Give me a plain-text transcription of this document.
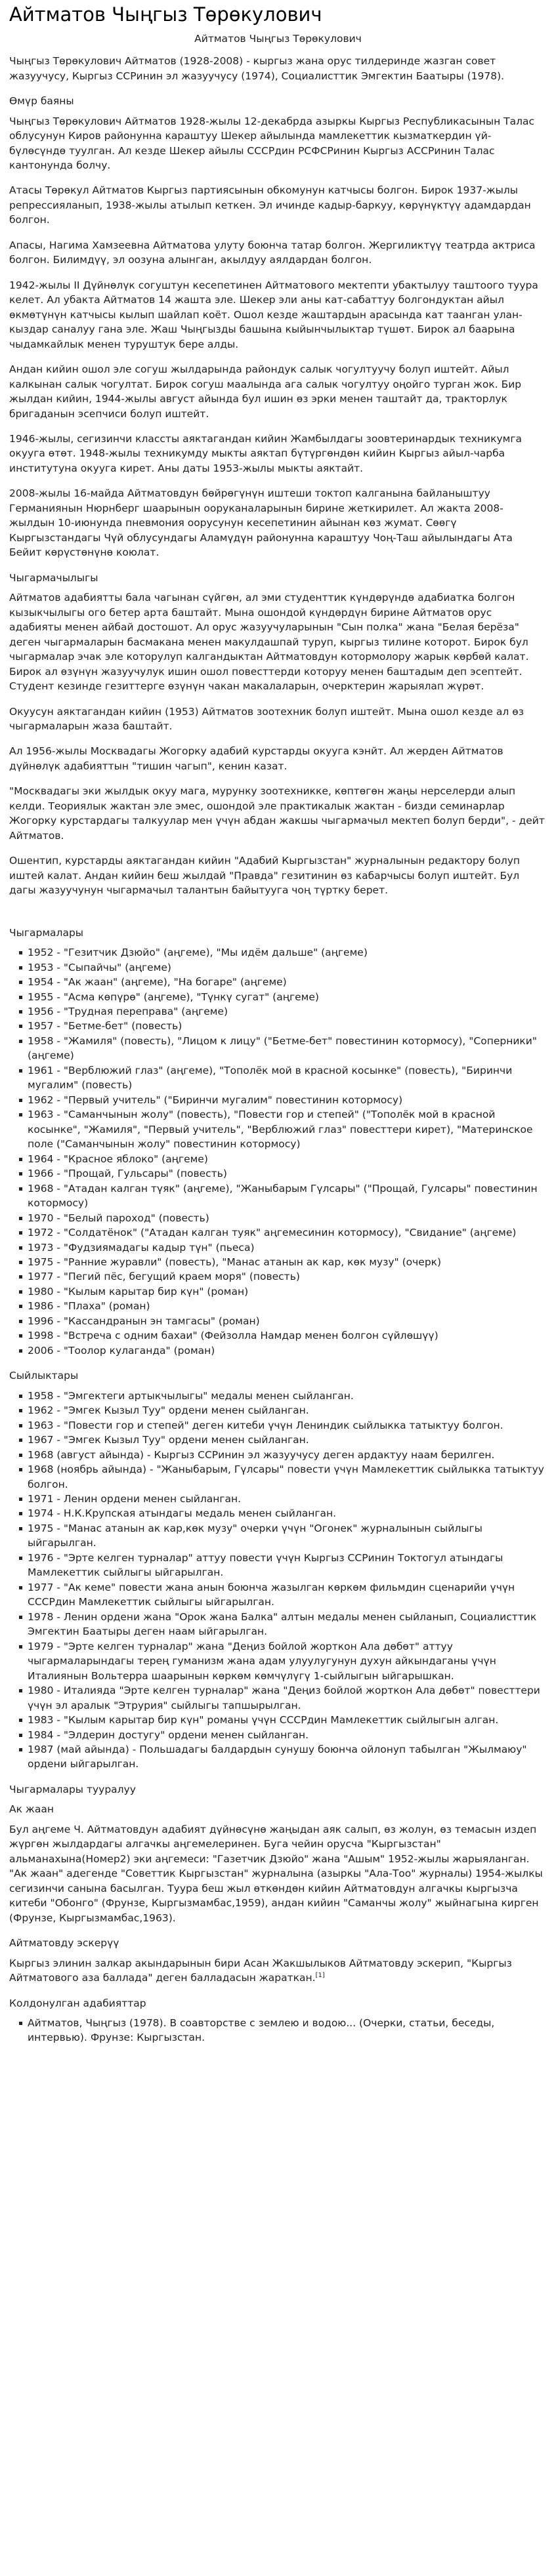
Айтматов Чыңгыз Төрөкулович
Айтматов Чыңгыз Төрөкулович

Чыңгыз Төрөкулович Айтматов (1928-2008) - кыргыз жана орус тилдеринде жазган совет жазуучусу, Кыргыз ССРинин эл жазуучусу (1974), Социалисттик Эмгектин Баатыры (1978).

Өмүр баяны

Чыңгыз Төрөкулович Айтматов 1928-жылы 12-декабрда азыркы Кыргыз Республикасынын Талас облусунун Киров районунна караштуу Шекер айылында мамлекеттик кызматкердин үй-бүлөсүндө туулган. Ал кезде Шекер айылы СССРдин РСФСРинин Кыргыз АССРинин Талас кантонунда болчу.

Атасы Төрөкул Айтматов Кыргыз партиясынын обкомунун катчысы болгон. Бирок 1937-жылы репрессияланып, 1938-жылы атылып кеткен. Эл ичинде кадыр-баркуу, көрүнүктүү адамдардан болгон.

Апасы, Нагима Хамзеевна Айтматова улуту боюнча татар болгон. Жергиликтүү театрда актриса болгон. Билимдүү, эл оозуна алынган, акылдуу аялдардан болгон.

1942-жылы II Дүйнөлүк согуштун кесепетинен Айтматового мектепти убактылуу таштоого туура келет. Ал убакта Айтматов 14 жашта эле. Шекер эли аны кат-сабаттуу болгондуктан айыл өкмөтүнүн катчысы кылып шайлап коёт. Ошол кезде жаштардын арасында кат таанган улан-кыздар саналуу гана эле. Жаш Чыңгызды башына кыйынчылыктар түшөт. Бирок ал баарына чыдамкайлык менен туруштук берe алды.

Андан кийин ошол эле согуш жылдарында райондук салык чогултуучу болуп иштейт. Айыл калкынан салык чогултат. Бирок согуш маалында ага салык чогултуу оңойго турган жок. Бир жылдан кийин, 1944-жылы август айында бул ишин өз эрки менен таштайт да, тракторлук бригаданын эсепчиси болуп иштейт.

1946-жылы, сегизинчи классты аяктагандан кийин Жамбылдагы зоовтеринардык техникумга окууга өтөт. 1948-жылы техникумду мыкты аяктап бүтүргөндөн кийин Кыргыз айыл-чарба институтуна окууга кирет. Аны даты 1953-жылы мыкты аяктайт.

2008-жылы 16-майда Айтматовдун бөйрөгүнүн иштеши токтоп калганына байланыштуу Германиянын Нюрнберг шаарынын ооруканаларынын бирине жеткирилет. Ал жакта 2008-жылдын 10-июнунда пневмония оорусунун кесепетинин айынан көз жумат. Сөөгү Кыргызстандагы Чүй облусундагы Аламүдүн районунна караштуу Чоң-Таш айылындагы Ата Бейит көрүстөнүнө коюлат.

Чыгармачылыгы

Айтматов адабиятты бала чагынан сүйгөн, ал эми студенттик күндөрүндө адабиатка болгон кызыкчылыгы ого бетер арта баштайт. Мына ошондой күндөрдүн бирине Айтматов орус адабияты менен айбай достошот. Ал орус жазуучуларынын "Сын полка" жана "Белая берёза" деген чыгармаларын басмакана менен макулдашпай туруп, кыргыз тилине которот. Бирок бул чыгармалар эчак эле которулуп калгандыктан Айтматовдун котормолору жарык көрбөй калат. Бирок ал өзүнүн жазуучулук ишин ошол повесттерди которуу менен баштадым деп эсептейт. Студент кезинде гезиттерге өзүнүн чакан макалаларын, очерктерин жарыялап жүрөт.

Окуусун аяктагандан кийин (1953) Айтматов зоотехник болуп иштейт. Мына ошол кезде ал өз чыгармаларын жаза баштайт.

Ал 1956-жылы Москвадагы Жогорку адабий курстарды окууга кэнйт. Ал жерден Айтматов дүйнөлүк адабияттын "тишин чагып", кенин казат.

"Москвадагы эки жылдык окуу мага, мурунку зоотехникке, көптөгөн жаңы нерселерди алып келди. Теориялык жактан эле эмес, ошондой эле практикалык жактан - бизди семинарлар Жогорку курстардагы талкуулар мен үчүн абдан жакшы чыгармачыл мектеп болуп берди", - дейт Айтматов.

Ошентип, курстарды аяктагандан кийин "Адабий Кыргызстан" журналынын редактору болуп иштей калат. Андан кийин беш жылдай "Правда" гезитинин өз кабарчысы болуп иштейт. Бул дагы жазуучунун чыгармачыл талантын байытууга чоң түртку берет.

Чыгармалары
1952 - "Гезитчик Дзюйо" (аңгеме), "Мы идём дальше" (аңгеме)
1953 - "Сыпайчы" (аңгеме)
1954 - "Ак жаан" (аңгеме), "На богаре" (аңгеме)
1955 - "Асма көпүрө" (аңгеме), "Түнкү сугат" (аңгеме)
1956 - "Трудная переправа" (аңгеме)
1957 - "Бетме-бет" (повесть)
1958 - "Жамиля" (повесть), "Лицом к лицу" ("Бетме-бет" повестинин котормосу), "Соперники" (аңгеме)
1961 - "Верблюжий глаз" (аңгеме), "Тополёк мой в красной косынке" (повесть), "Биринчи мугалим" (повесть)
1962 - "Первый учитель" ("Биринчи мугалим" повестинин котормосу)
1963 - "Саманчынын жолу" (повесть), "Повести гор и степей" ("Тополёк мой в красной косынке", "Жамиля", "Первый учитель", "Верблюжий глаз" повесттери кирет), "Материнское поле ("Саманчынын жолу" повестинин котормосу)
1964 - "Красное яблоко" (аңгеме)
1966 - "Прощай, Гульсары" (повесть)
1968 - "Атадан калган түяк" (аңгеме), "Жаныбарым Гүлсары" ("Прощай, Гулсары" повестинин котормосу)
1970 - "Белый пароход" (повесть)
1972 - "Солдатёнок" ("Атадан калган туяк" аңгемесинин котормосу), "Свидание" (аңгеме)
1973 - "Фудзиямадагы кадыр түн" (пьеса)
1975 - "Ранние журавли" (повесть), "Манас атанын ак кар, көк музу" (очерк)
1977 - "Пегий пёс, бегущий краем моря" (повесть)
1980 - "Кылым карытар бир күн" (роман)
1986 - "Плаха" (роман)
1996 - "Кассандранын эн тамгасы" (роман)
1998 - "Встреча с одним бахаи" (Фейзолла Намдар менен болгон сүйлөшүү)
2006 - "Тоолор кулаганда" (роман)
Сыйлыктары
1958 - "Эмгектеги артыкчылыгы" медалы менен сыйланган.
1962 - "Эмгек Кызыл Туу" ордени менен сыйланган.
1963 - "Повести гор и степей" деген китеби үчүн Лениндик сыйлыкка татыктуу болгон.
1967 - "Эмгек Кызыл Туу" ордени менен сыйланган.
1968 (август айында) - Кыргыз ССРинин эл жазуучусу деген ардактуу наам берилген.
1968 (ноябрь айында) - "Жаныбарым, Гүлсары" повести үчүн Мамлекеттик сыйлыкка татыктуу болгон.
1971 - Ленин ордени менен сыйланган.
1974 - Н.К.Крупская атындагы медаль менен сыйланган.
1975 - "Манас атанын ак кар,көк музу" очерки үчүн "Огонек" журналынын сыйлыгы ыйгарылган.
1976 - "Эрте келген турналар" аттуу повести үчүн Кыргыз ССРинин Токтогул атындагы Мамлекеттик сыйлыгы ыйгарылган.
1977 - "Ак кеме" повести жана анын боюнча жазылган көркөм фильмдин сценарийи үчүн СССРдин Мамлекеттик сыйлыгы ыйгарылган.
1978 - Ленин ордени жана "Орок жана Балка" алтын медалы менен сыйланып, Социалисттик Эмгектин Баатыры деген наам ыйгарылган.
1979 - "Эрте келген турналар" жана "Деңиз бойлой жорткон Ала дөбөт" аттуу чыгармаларындагы терең гуманизм жана адам улуулугунун духун айкындаганы үчүн Италиянын Вольтерра шаарынын көркөм көмчүлүгү 1-сыйлыгын ыйгарышкан.
1980 - Италияда "Эрте келген турналар" жана "Деңиз бойлой жорткон Ала дөбөт" повесттери үчүн эл аралык "Этрурия" сыйлыгы тапшырылган.
1983 - "Кылым карытар бир күн" романы үчүн СССРдин Мамлекеттик сыйлыгын алган.
1984 - "Элдерин достугу" ордени менен сыйланган.
1987 (май айында) - Польшадагы балдардын сунушу боюнча ойлонуп табылган "Жылмаюу" ордени ыйгарылган.
Чыгармалары тууралуу
Ак жаан

Бул аңгеме Ч. Айтматовдун адабият дүйнөсүнө жаңыдан аяк салып, өз жолун, өз темасын издеп жүргөн жылдардагы алгачкы аңгемелеринен. Буга чейин орусча "Кыргызстан" альманахына(Номер2) эки аңгемеси: "Газетчик Дзюйо" жана "Ашым" 1952-жылы жарыяланган. "Ак жаан" адегенде "Советтик Кыргызстан" журналына (азыркы "Ала-Тоо" журналы) 1954-жылкы сегизинчи санына басылган. Тууpa беш жыл өткөндөн кийин Айтматовдун алгачкы кыргызча китеби "Обонго" (Фрунзе, Кыргызмамбас,1959), андан кийин "Саманчы жолу" жыйнагына кирген (Фрунзе, Кыргызмамбас,1963).

Айтматовду эскерүү

Кыргыз элинин залкар акындарынын бири Асан Жакшылыков Айтматовду эскерип, "Кыргыз Айтматового аза балладa" деген балладасын жараткан.[1]

Колдонулган адабияттар
Айтматов, Чыңгыз (1978). В соавторстве с землею и водою... (Очерки, статьи, беседы, интервью). Фрунзе: Кыргызстан.
